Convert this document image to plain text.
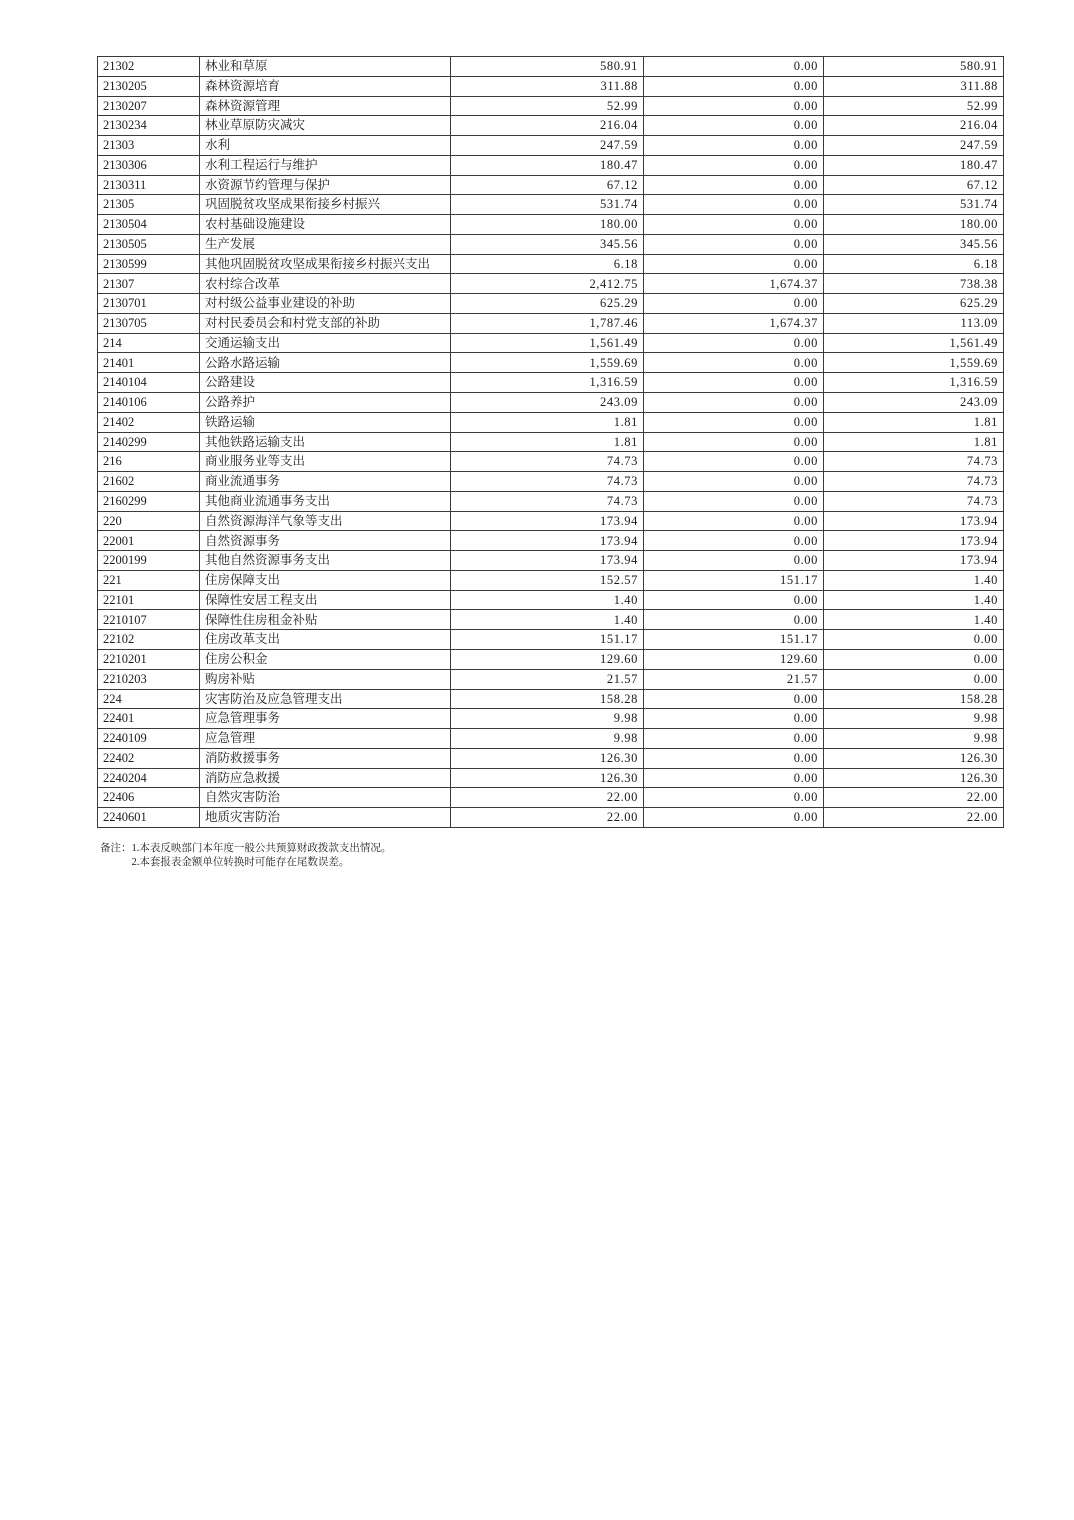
21302	林业和草原	580.91	0.00	580.91
2130205	森林资源培育	311.88	0.00	311.88
2130207	森林资源管理	52.99	0.00	52.99
2130234	林业草原防灾减灾	216.04	0.00	216.04
21303	水利	247.59	0.00	247.59
2130306	水利工程运行与维护	180.47	0.00	180.47
2130311	水资源节约管理与保护	67.12	0.00	67.12
21305	巩固脱贫攻坚成果衔接乡村振兴	531.74	0.00	531.74
2130504	农村基础设施建设	180.00	0.00	180.00
2130505	生产发展	345.56	0.00	345.56
2130599	其他巩固脱贫攻坚成果衔接乡村振兴支出	6.18	0.00	6.18
21307	农村综合改革	2,412.75	1,674.37	738.38
2130701	对村级公益事业建设的补助	625.29	0.00	625.29
2130705	对村民委员会和村党支部的补助	1,787.46	1,674.37	113.09
214	交通运输支出	1,561.49	0.00	1,561.49
21401	公路水路运输	1,559.69	0.00	1,559.69
2140104	公路建设	1,316.59	0.00	1,316.59
2140106	公路养护	243.09	0.00	243.09
21402	铁路运输	1.81	0.00	1.81
2140299	其他铁路运输支出	1.81	0.00	1.81
216	商业服务业等支出	74.73	0.00	74.73
21602	商业流通事务	74.73	0.00	74.73
2160299	其他商业流通事务支出	74.73	0.00	74.73
220	自然资源海洋气象等支出	173.94	0.00	173.94
22001	自然资源事务	173.94	0.00	173.94
2200199	其他自然资源事务支出	173.94	0.00	173.94
221	住房保障支出	152.57	151.17	1.40
22101	保障性安居工程支出	1.40	0.00	1.40
2210107	保障性住房租金补贴	1.40	0.00	1.40
22102	住房改革支出	151.17	151.17	0.00
2210201	住房公积金	129.60	129.60	0.00
2210203	购房补贴	21.57	21.57	0.00
224	灾害防治及应急管理支出	158.28	0.00	158.28
22401	应急管理事务	9.98	0.00	9.98
2240109	应急管理	9.98	0.00	9.98
22402	消防救援事务	126.30	0.00	126.30
2240204	消防应急救援	126.30	0.00	126.30
22406	自然灾害防治	22.00	0.00	22.00
2240601	地质灾害防治	22.00	0.00	22.00
备注： 1.本表反映部门本年度一般公共预算财政拨款支出情况。
2.本套报表金额单位转换时可能存在尾数误差。
